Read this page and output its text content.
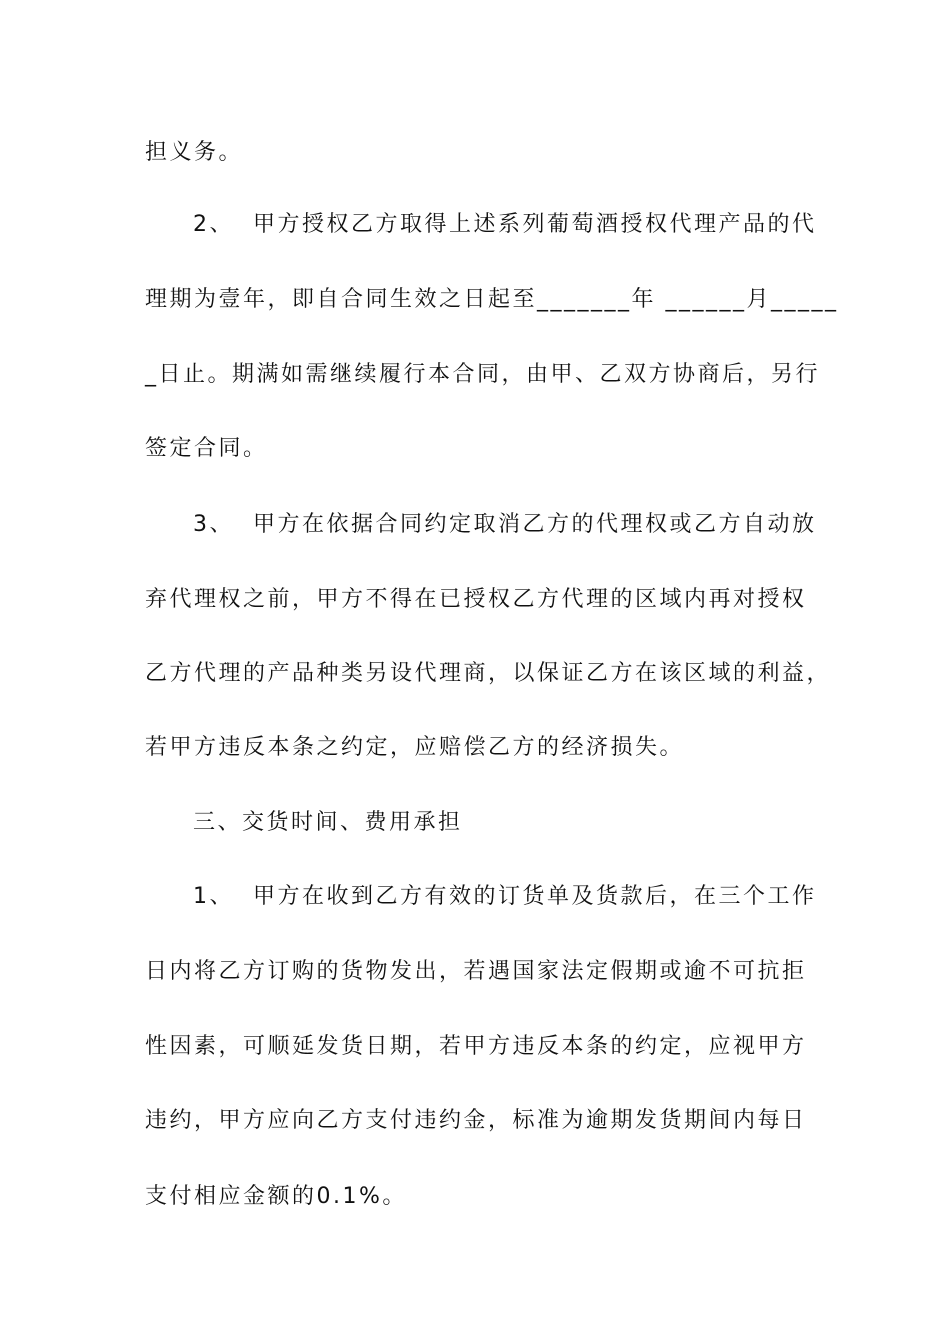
担义务。
2、  甲方授权乙方取得上述系列葡萄酒授权代理产品的代
理期为壹年，即自合同生效之日起至_______年 ______月_____
_日止。期满如需继续履行本合同，由甲、乙双方协商后，另行
签定合同。
3、  甲方在依据合同约定取消乙方的代理权或乙方自动放
弃代理权之前，甲方不得在已授权乙方代理的区域内再对授权
乙方代理的产品种类另设代理商，以保证乙方在该区域的利益，
若甲方违反本条之约定，应赔偿乙方的经济损失。
三、交货时间、费用承担
1、  甲方在收到乙方有效的订货单及货款后，在三个工作
日内将乙方订购的货物发出，若遇国家法定假期或逾不可抗拒
性因素，可顺延发货日期，若甲方违反本条的约定，应视甲方
违约，甲方应向乙方支付违约金，标准为逾期发货期间内每日
支付相应金额的0.1%。
